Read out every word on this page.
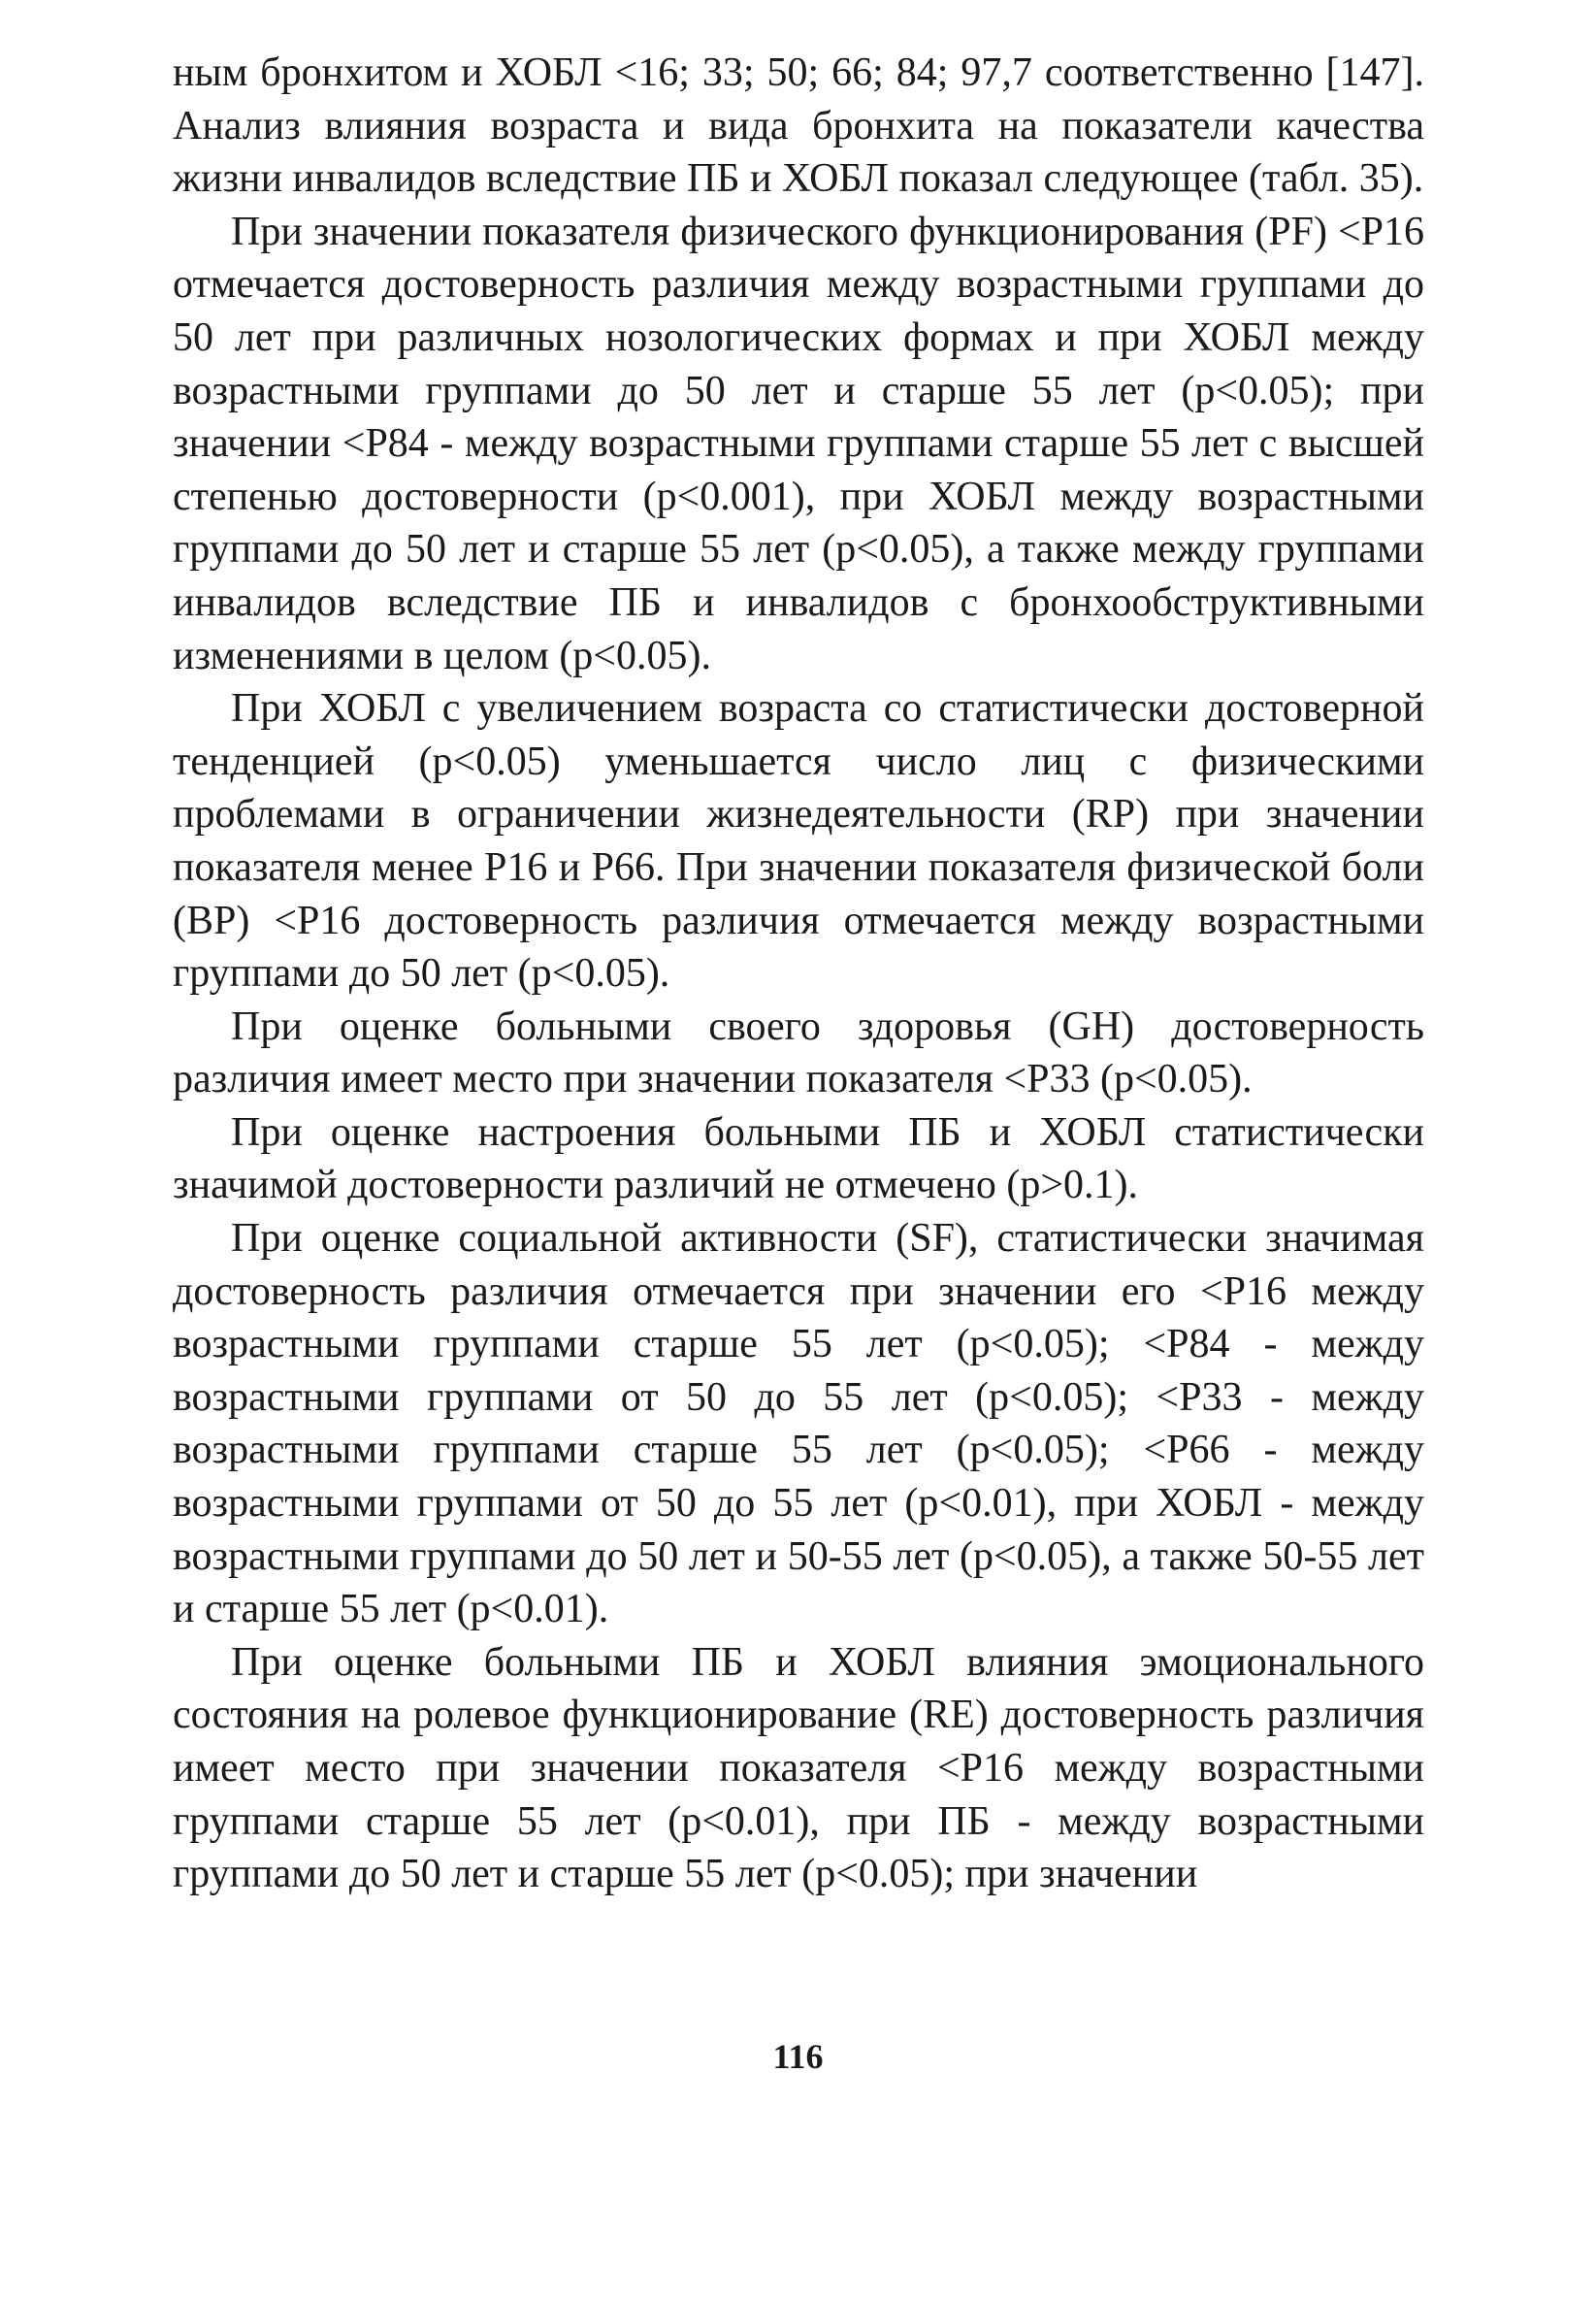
ным бронхитом и ХОБЛ <16; 33; 50; 66; 84; 97,7 соответственно [147]. Анализ влияния возраста и вида бронхита на показатели качества жизни инвалидов вследствие ПБ и ХОБЛ показал следующее (табл. 35).

При значении показателя физического функционирования (PF) <P16 отмечается достоверность различия между возрастными группами до 50 лет при различных нозологических формах и при ХОБЛ между возрастными группами до 50 лет и старше 55 лет (p<0.05); при значении <P84 - между возрастными группами старше 55 лет с высшей степенью достоверности (p<0.001), при ХОБЛ между возрастными группами до 50 лет и старше 55 лет (p<0.05), а также между группами инвалидов вследствие ПБ и инвалидов с бронхообструктивными изменениями в целом (p<0.05).

При ХОБЛ с увеличением возраста со статистически достоверной тенденцией (p<0.05) уменьшается число лиц с физическими проблемами в ограничении жизнедеятельности (RP) при значении показателя менее P16 и P66. При значении показателя физической боли (BP) <P16 достоверность различия отмечается между возрастными группами до 50 лет (p<0.05).

При оценке больными своего здоровья (GH) достоверность различия имеет место при значении показателя <P33 (p<0.05).

При оценке настроения больными ПБ и ХОБЛ статистически значимой достоверности различий не отмечено (p>0.1).

При оценке социальной активности (SF), статистически значимая достоверность различия отмечается при значении его <P16 между возрастными группами старше 55 лет (p<0.05); <P84 - между возрастными группами от 50 до 55 лет (p<0.05); <P33 - между возрастными группами старше 55 лет (p<0.05); <P66 - между возрастными группами от 50 до 55 лет (p<0.01), при ХОБЛ - между возрастными группами до 50 лет и 50-55 лет (p<0.05), а также 50-55 лет и старше 55 лет (p<0.01).

При оценке больными ПБ и ХОБЛ влияния эмоционального состояния на ролевое функционирование (RE) достоверность различия имеет место при значении показателя <P16 между возрастными группами старше 55 лет (p<0.01), при ПБ - между возрастными группами до 50 лет и старше 55 лет (p<0.05); при значении

116
